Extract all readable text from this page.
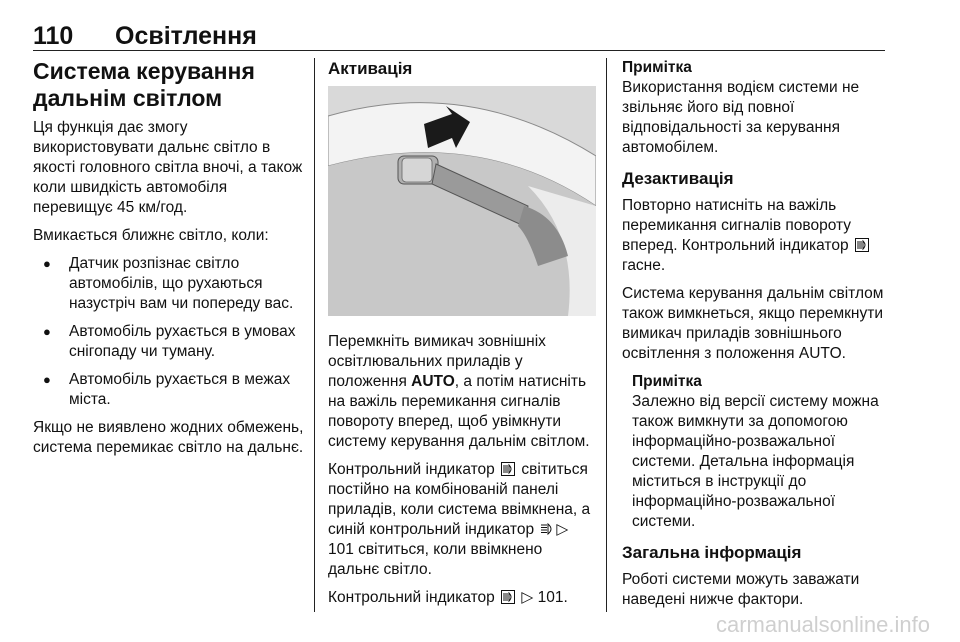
110 Освітлення
Система керування дальнім світлом

Ця функція дає змогу використовувати дальнє світло в якості головного світла вночі, а також коли швидкість автомобіля перевищує 45 км/год.

Вмикається ближнє світло, коли:

● Датчик розпізнає світло автомобілів, що рухаються назустріч вам чи попереду вас.
● Автомобіль рухається в умовах снігопаду чи туману.
● Автомобіль рухається в межах міста.

Якщо не виявлено жодних обмежень, система перемикає світло на дальнє.

Активація

Перемкніть вимикач зовнішніх освітлювальних приладів у положення AUTO, а потім натисніть на важіль перемикання сигналів повороту вперед, щоб увімкнути систему керування дальнім світлом.

Контрольний індикатор  світиться постійно на комбінованій панелі приладів, коли система ввімкнена, а синій контрольний індикатор ▷ 101 світиться, коли ввімкнено дальнє світло.

Контрольний індикатор  ▷ 101.

Примітка
Використання водієм системи не звільняє його від повної відповідальності за керування автомобілем.
Дезактивація

Повторно натисніть на важіль перемикання сигналів повороту вперед. Контрольний індикатор  гасне.

Система керування дальнім світлом також вимкнеться, якщо перемкнути вимикач приладів зовнішнього освітлення з положення AUTO.

Примітка
Залежно від версії систему можна також вимкнути за допомогою інформаційно-розважальної системи. Детальна інформація міститься в інструкції до інформаційно-розважальної системи.
Загальна інформація

Роботі системи можуть заважати наведені нижче фактори.

carmanualsonline.info
